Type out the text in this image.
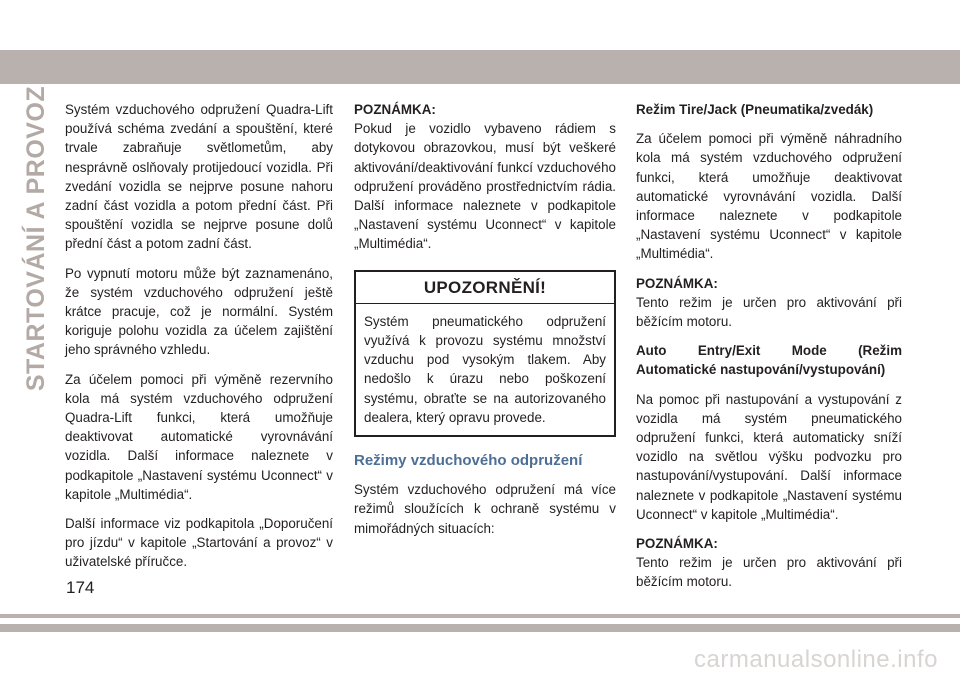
STARTOVÁNÍ A PROVOZ Systém vzduchového odpružení Quadra-Lift používá schéma zvedání a spouštění, které trvale zabraňuje světlometům, aby nesprávně oslňovaly protijedoucí vozidla. Při zvedání vozidla se nejprve posune nahoru zadní část vozidla a potom přední část. Při spouštění vozidla se nejprve posune dolů přední část a potom zadní část.

Po vypnutí motoru může být zaznamenáno, že systém vzduchového odpružení ještě krátce pracuje, což je normální. Systém koriguje polohu vozidla za účelem zajištění jeho správného vzhledu.

Za účelem pomoci při výměně rezervního kola má systém vzduchového odpružení Quadra-Lift funkci, která umožňuje deaktivovat automatické vyrovnávání vozidla. Další informace naleznete v podkapitole „Nastavení systému Uconnect“ v kapitole „Multimédia“.

Další informace viz podkapitola „Doporučení pro jízdu“ v kapitole „Startování a provoz“ v uživatelské příručce.

POZNÁMKA:

Pokud je vozidlo vybaveno rádiem s dotykovou obrazovkou, musí být veškeré aktivování/deaktivování funkcí vzduchového odpružení prováděno prostřednictvím rádia. Další informace naleznete v podkapitole „Nastavení systému Uconnect“ v kapitole „Multimédia“.

UPOZORNĚNÍ!

Systém pneumatického odpružení využívá k provozu systému množství vzduchu pod vysokým tlakem. Aby nedošlo k úrazu nebo poškození systému, obraťte se na autorizovaného dealera, který opravu provede.

Režimy vzduchového odpružení

Systém vzduchového odpružení má více režimů sloužících k ochraně systému v mimořádných situacích:

Režim Tire/Jack (Pneumatika/zvedák)

Za účelem pomoci při výměně náhradního kola má systém vzduchového odpružení funkci, která umožňuje deaktivovat automatické vyrovnávání vozidla. Další informace naleznete v podkapitole „Nastavení systému Uconnect“ v kapitole „Multimédia“.

POZNÁMKA:

Tento režim je určen pro aktivování při běžícím motoru.

Auto Entry/Exit Mode (Režim Automatické nastupování/vystupování)

Na pomoc při nastupování a vystupování z vozidla má systém pneumatického odpružení funkci, která automaticky sníží vozidlo na světlou výšku podvozku pro nastupování/vystupování. Další informace naleznete v podkapitole „Nastavení systému Uconnect“ v kapitole „Multimédia“.

POZNÁMKA:

Tento režim je určen pro aktivování při běžícím motoru.

174
carmanualsonline.info
